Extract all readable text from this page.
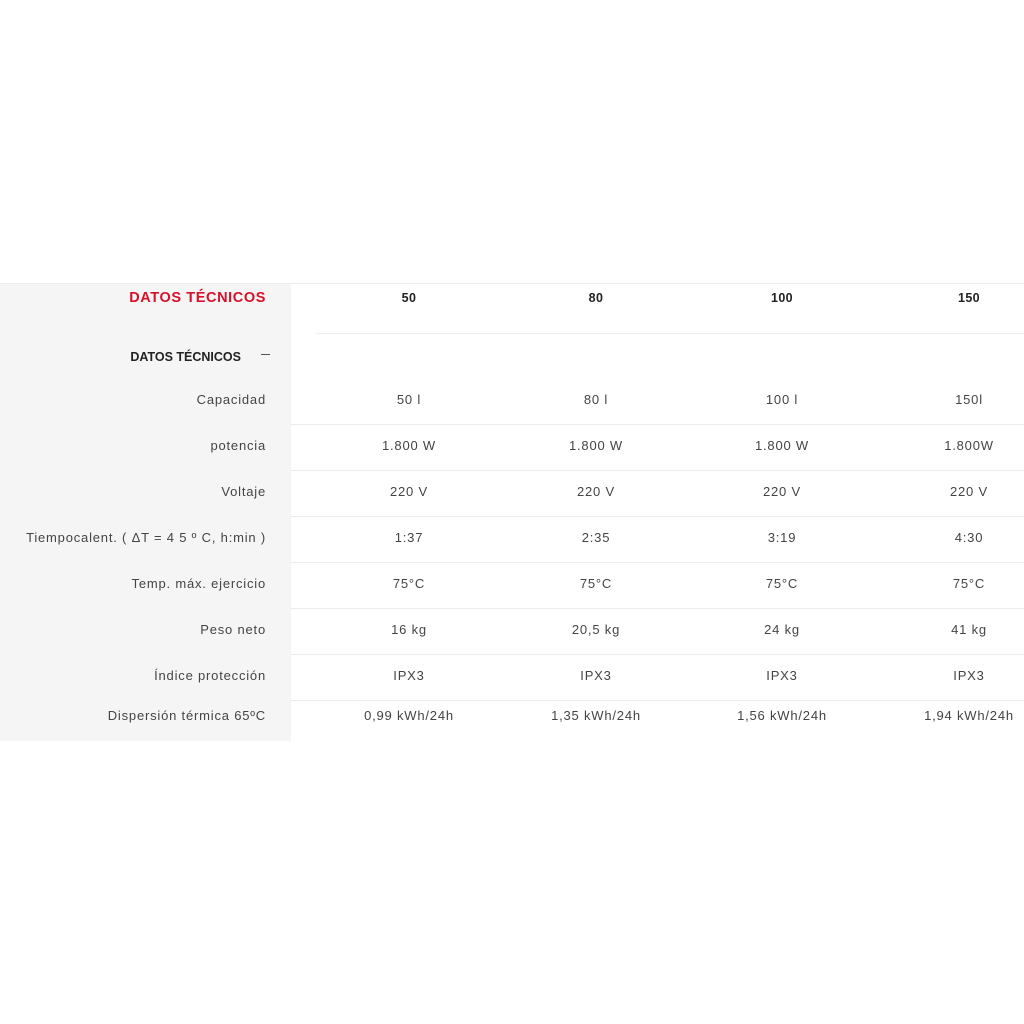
DATOS TÉCNICOS	50	80	100	150
DATOS TÉCNICOS
Capacidad	50 l	80 l	100 l	150l
potencia	1.800 W	1.800 W	1.800 W	1.800W
Voltaje	220 V	220 V	220 V	220 V
Tiempocalent. ( ΔT = 4 5 º C, h:min )	1:37	2:35	3:19	4:30
Temp. máx. ejercicio	75°C	75°C	75°C	75°C
Peso neto	16 kg	20,5 kg	24 kg	41 kg
Índice protección	IPX3	IPX3	IPX3	IPX3
Dispersión térmica 65ºC	0,99 kWh/24h	1,35 kWh/24h	1,56 kWh/24h	1,94 kWh/24h
